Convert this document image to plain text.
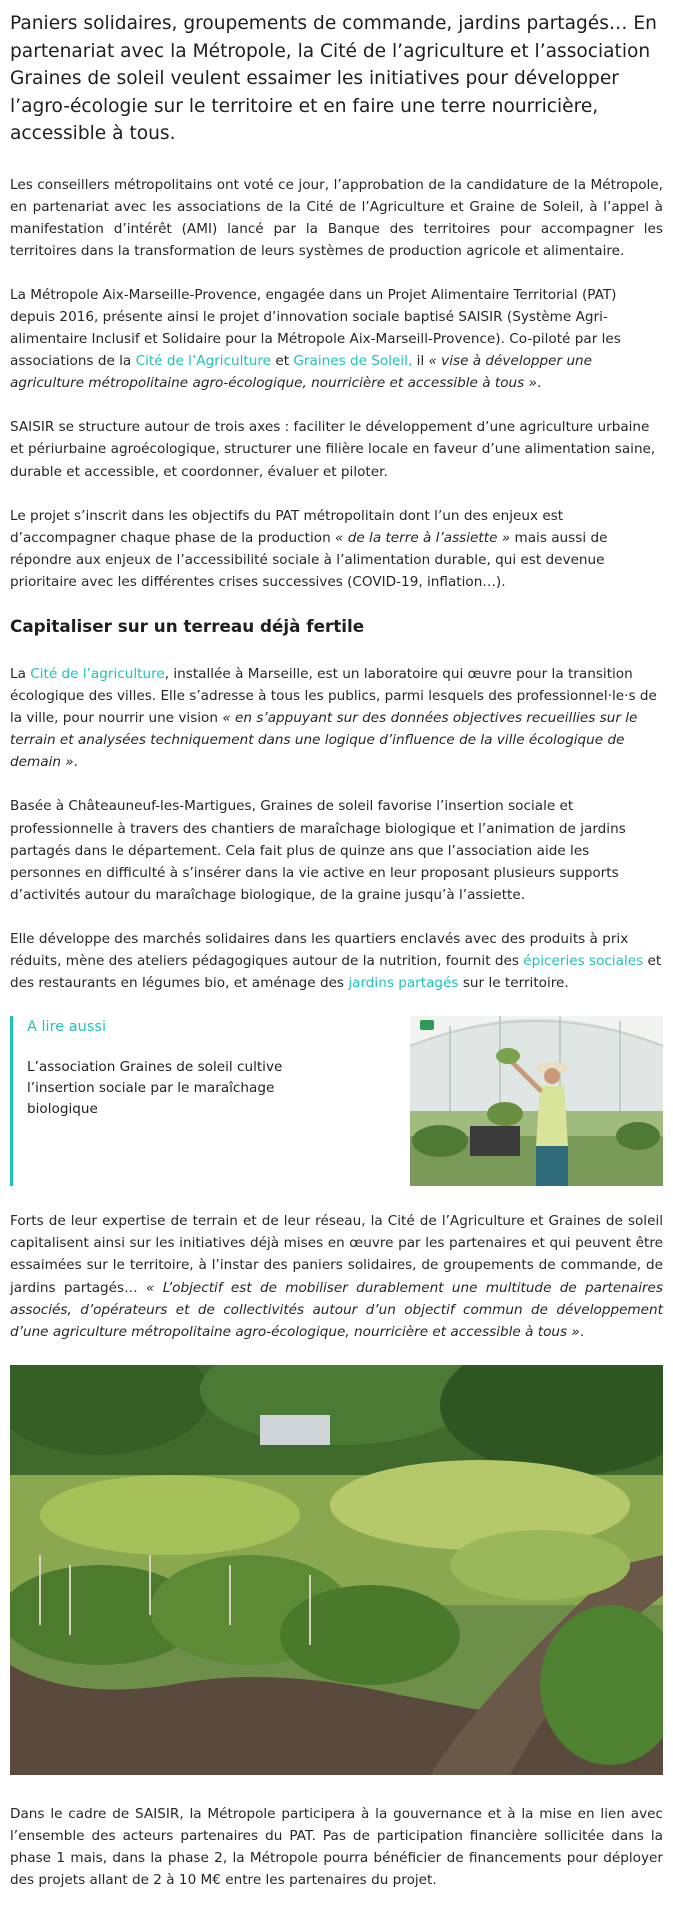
Paniers solidaires, groupements de commande, jardins partagés… En partenariat avec la Métropole, la Cité de l’agriculture et l’association Graines de soleil veulent essaimer les initiatives pour développer l’agro-écologie sur le territoire et en faire une terre nourricière, accessible à tous.

Les conseillers métropolitains ont voté ce jour, l’approbation de la candidature de la Métropole, en partenariat avec les associations de la Cité de l’Agriculture et Graine de Soleil, à l’appel à manifestation d’intérêt (AMI) lancé par la Banque des territoires pour accompagner les territoires dans la transformation de leurs systèmes de production agricole et alimentaire.

La Métropole Aix-Marseille-Provence, engagée dans un Projet Alimentaire Territorial (PAT) depuis 2016, présente ainsi le projet d’innovation sociale baptisé SAISIR (Système Agri-alimentaire Inclusif et Solidaire pour la Métropole Aix-Marseill-Provence). Co-piloté par les associations de la Cité de l’Agriculture et Graines de Soleil, il « vise à développer une agriculture métropolitaine agro-écologique, nourricière et accessible à tous ».

SAISIR se structure autour de trois axes : faciliter le développement d’une agriculture urbaine et périurbaine agroécologique, structurer une filière locale en faveur d’une alimentation saine, durable et accessible, et coordonner, évaluer et piloter.

Le projet s’inscrit dans les objectifs du PAT métropolitain dont l’un des enjeux est d’accompagner chaque phase de la production « de la terre à l’assiette » mais aussi de répondre aux enjeux de l’accessibilité sociale à l’alimentation durable, qui est devenue prioritaire avec les différentes crises successives (COVID-19, inflation…).

Capitaliser sur un terreau déjà fertile

La Cité de l’agriculture, installée à Marseille, est un laboratoire qui œuvre pour la transition écologique des villes. Elle s’adresse à tous les publics, parmi lesquels des professionnel·le·s de la ville, pour nourrir une vision « en s’appuyant sur des données objectives recueillies sur le terrain et analysées techniquement dans une logique d’influence de la ville écologique de demain ».

Basée à Châteauneuf-les-Martigues, Graines de soleil favorise l’insertion sociale et professionnelle à travers des chantiers de maraîchage biologique et l’animation de jardins partagés dans le département. Cela fait plus de quinze ans que l’association aide les personnes en difficulté à s’insérer dans la vie active en leur proposant plusieurs supports d’activités autour du maraîchage biologique, de la graine jusqu’à l’assiette.

Elle développe des marchés solidaires dans les quartiers enclavés avec des produits à prix réduits, mène des ateliers pédagogiques autour de la nutrition, fournit des épiceries sociales et des restaurants en légumes bio, et aménage des jardins partagés sur le territoire.

A lire aussi
L’association Graines de soleil cultive l’insertion sociale par le maraîchage biologique

Forts de leur expertise de terrain et de leur réseau, la Cité de l’Agriculture et Graines de soleil capitalisent ainsi sur les initiatives déjà mises en œuvre par les partenaires et qui peuvent être essaimées sur le territoire, à l’instar des paniers solidaires, de groupements de commande, de jardins partagés… « L’objectif est de mobiliser durablement une multitude de partenaires associés, d’opérateurs et de collectivités autour d’un objectif commun de développement d’une agriculture métropolitaine agro-écologique, nourricière et accessible à tous ».

Dans le cadre de SAISIR, la Métropole participera à la gouvernance et à la mise en lien avec l’ensemble des acteurs partenaires du PAT. Pas de participation financière sollicitée dans la phase 1 mais, dans la phase 2, la Métropole pourra bénéficier de financements pour déployer des projets allant de 2 à 10 M€ entre les partenaires du projet.
